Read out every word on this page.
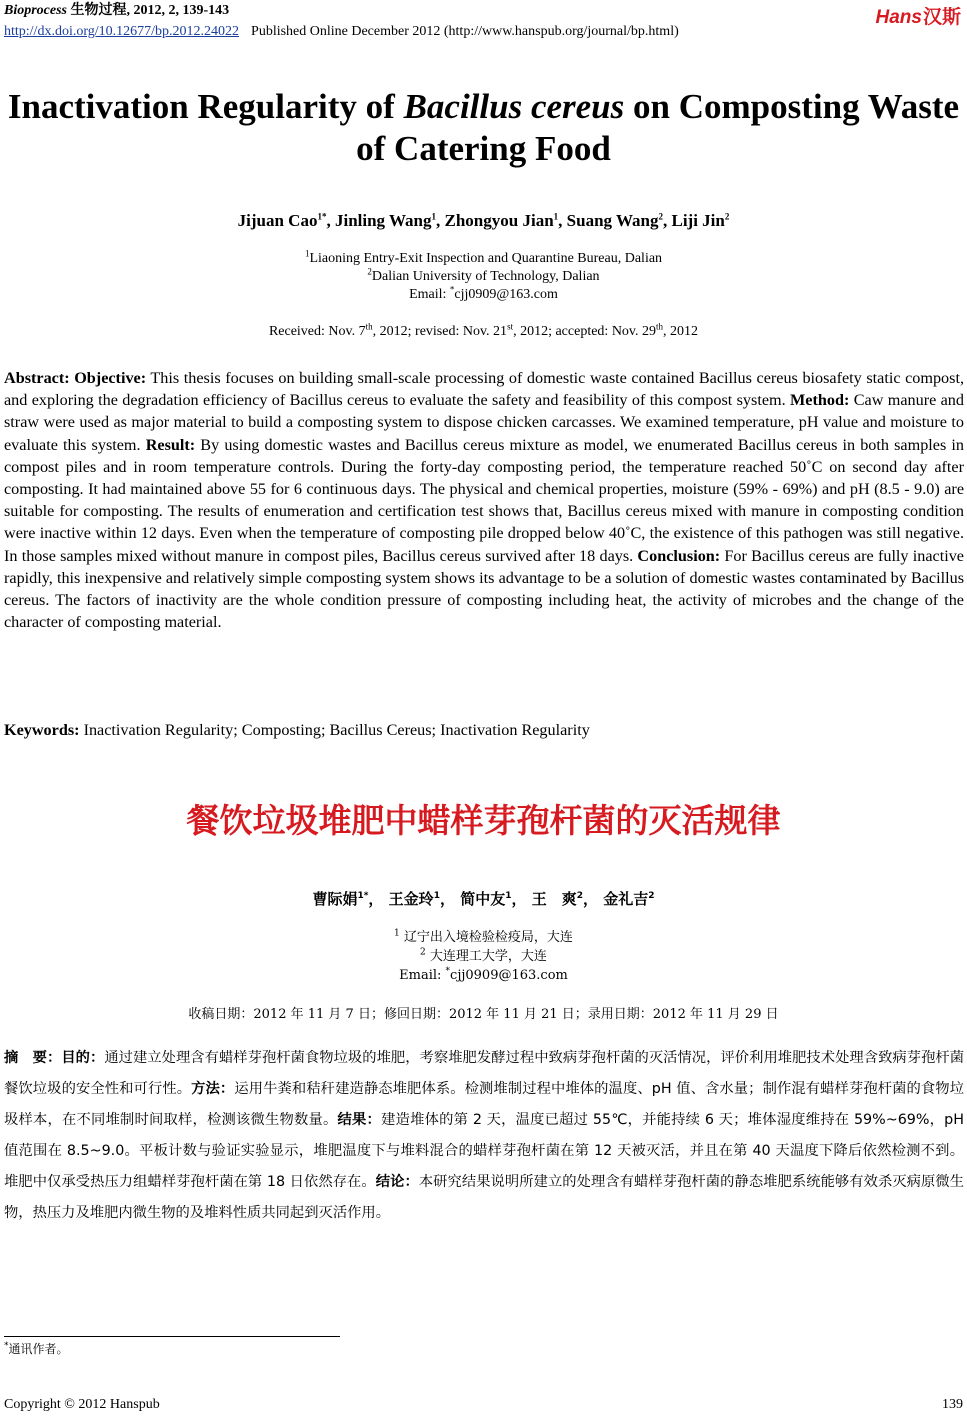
Bioprocess 生物过程, 2012, 2, 139-143
http://dx.doi.org/10.12677/bp.2012.24022 Published Online December 2012 (http://www.hanspub.org/journal/bp.html)
Hans 汉斯
Inactivation Regularity of Bacillus cereus on Composting Waste of Catering Food
Jijuan Cao$^{1*}$, Jinling Wang$^1$, Zhongyou Jian$^1$, Suang Wang$^2$, Liji Jin$^2$
$^1$Liaoning Entry-Exit Inspection and Quarantine Bureau, Dalian
$^2$Dalian University of Technology, Dalian
Email: *cjj0909@163.com
Received: Nov. 7th, 2012; revised: Nov. 21st, 2012; accepted: Nov. 29th, 2012
Abstract: Objective: This thesis focuses on building small-scale processing of domestic waste contained Bacillus cereus biosafety static compost, and exploring the degradation efficiency of Bacillus cereus to evaluate the safety and feasibility of this compost system. Method: Caw manure and straw were used as major material to build a composting system to dispose chicken carcasses. We examined temperature, pH value and moisture to evaluate this system. Result: By using domestic wastes and Bacillus cereus mixture as model, we enumerated Bacillus cereus in both samples in compost piles and in room temperature controls. During the forty-day composting period, the temperature reached 50˚C on second day after composting. It had maintained above 55 for 6 continuous days. The physical and chemical properties, moisture (59% - 69%) and pH (8.5 - 9.0) are suitable for composting. The results of enumeration and certification test shows that, Bacillus cereus mixed with manure in composting condition were inactive within 12 days. Even when the temperature of composting pile dropped below 40˚C, the existence of this pathogen was still negative. In those samples mixed without manure in compost piles, Bacillus cereus survived after 18 days. Conclusion: For Bacillus cereus are fully inactive rapidly, this inexpensive and relatively simple composting system shows its advantage to be a solution of domestic wastes contaminated by Bacillus cereus. The factors of inactivity are the whole condition pressure of composting including heat, the activity of microbes and the change of the character of composting material.
Keywords: Inactivation Regularity; Composting; Bacillus Cereus; Inactivation Regularity
餐饮垃圾堆肥中蜡样芽孢杆菌的灭活规律
曹际娟$^{1*}$， 王金玲$^1$， 简中友$^1$， 王　爽$^2$， 金礼吉$^2$
$^1$ 辽宁出入境检验检疫局，大连
$^2$ 大连理工大学，大连
Email: *cjj0909@163.com
收稿日期：2012 年 11 月 7 日；修回日期：2012 年 11 月 21 日；录用日期：2012 年 11 月 29 日
摘　要：目的：通过建立处理含有蜡样芽孢杆菌食物垃圾的堆肥，考察堆肥发酵过程中致病芽孢杆菌的灭活情况，评价利用堆肥技术处理含致病芽孢杆菌餐饮垃圾的安全性和可行性。方法：运用牛粪和秸秆建造静态堆肥体系。检测堆制过程中堆体的温度、pH 值、含水量；制作混有蜡样芽孢杆菌的食物垃圾样本，在不同堆制时间取样，检测该微生物数量。结果：建造堆体的第 2 天，温度已超过 55℃，并能持续 6 天；堆体湿度维持在 59%~69%，pH 值范围在 8.5~9.0。平板计数与验证实验显示，堆肥温度下与堆料混合的蜡样芽孢杆菌在第 12 天被灭活，并且在第 40 天温度下降后依然检测不到。堆肥中仅承受热压力组蜡样芽孢杆菌在第 18 日依然存在。结论：本研究结果说明所建立的处理含有蜡样芽孢杆菌的静态堆肥系统能够有效杀灭病原微生物，热压力及堆肥内微生物的及堆料性质共同起到灭活作用。
*通讯作者。
Copyright © 2012 Hanspub	139
